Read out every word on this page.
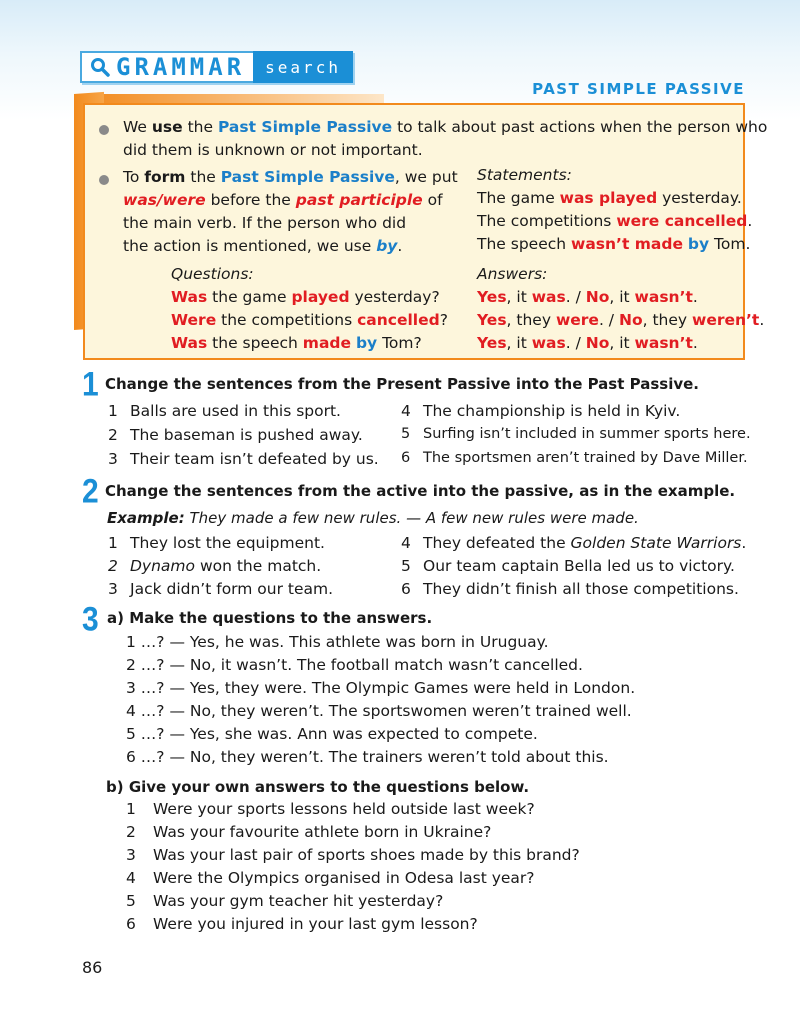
GRAMMAR	search
PAST SIMPLE PASSIVE
We use the Past Simple Passive to talk about past actions when the person who
did them is unknown or not important.
To form the Past Simple Passive, we put
was/were before the past participle of
the main verb. If the person who did
the action is mentioned, we use by.
Statements:
The game was played yesterday.
The competitions were cancelled.
The speech wasn’t made by Tom.
Questions:
Was the game played yesterday?
Were the competitions cancelled?
Was the speech made by Tom?
Answers:
Yes, it was. / No, it wasn’t.
Yes, they were. / No, they weren’t.
Yes, it was. / No, it wasn’t.
1 Change the sentences from the Present Passive into the Past Passive.
1 Balls are used in this sport.
2 The baseman is pushed away.
3 Their team isn’t defeated by us.
4 The championship is held in Kyiv.
5 Surfing isn’t included in summer sports here.
6 The sportsmen aren’t trained by Dave Miller.
2 Change the sentences from the active into the passive, as in the example.
Example: They made a few new rules. — A few new rules were made.
1 They lost the equipment.
2 Dynamo won the match.
3 Jack didn’t form our team.
4 They defeated the Golden State Warriors.
5 Our team captain Bella led us to victory.
6 They didn’t finish all those competitions.
3 a) Make the questions to the answers.
1 …? — Yes, he was. This athlete was born in Uruguay.
2 …? — No, it wasn’t. The football match wasn’t cancelled.
3 …? — Yes, they were. The Olympic Games were held in London.
4 …? — No, they weren’t. The sportswomen weren’t trained well.
5 …? — Yes, she was. Ann was expected to compete.
6 …? — No, they weren’t. The trainers weren’t told about this.
b) Give your own answers to the questions below.
1 Were your sports lessons held outside last week?
2 Was your favourite athlete born in Ukraine?
3 Was your last pair of sports shoes made by this brand?
4 Were the Olympics organised in Odesa last year?
5 Was your gym teacher hit yesterday?
6 Were you injured in your last gym lesson?
86
